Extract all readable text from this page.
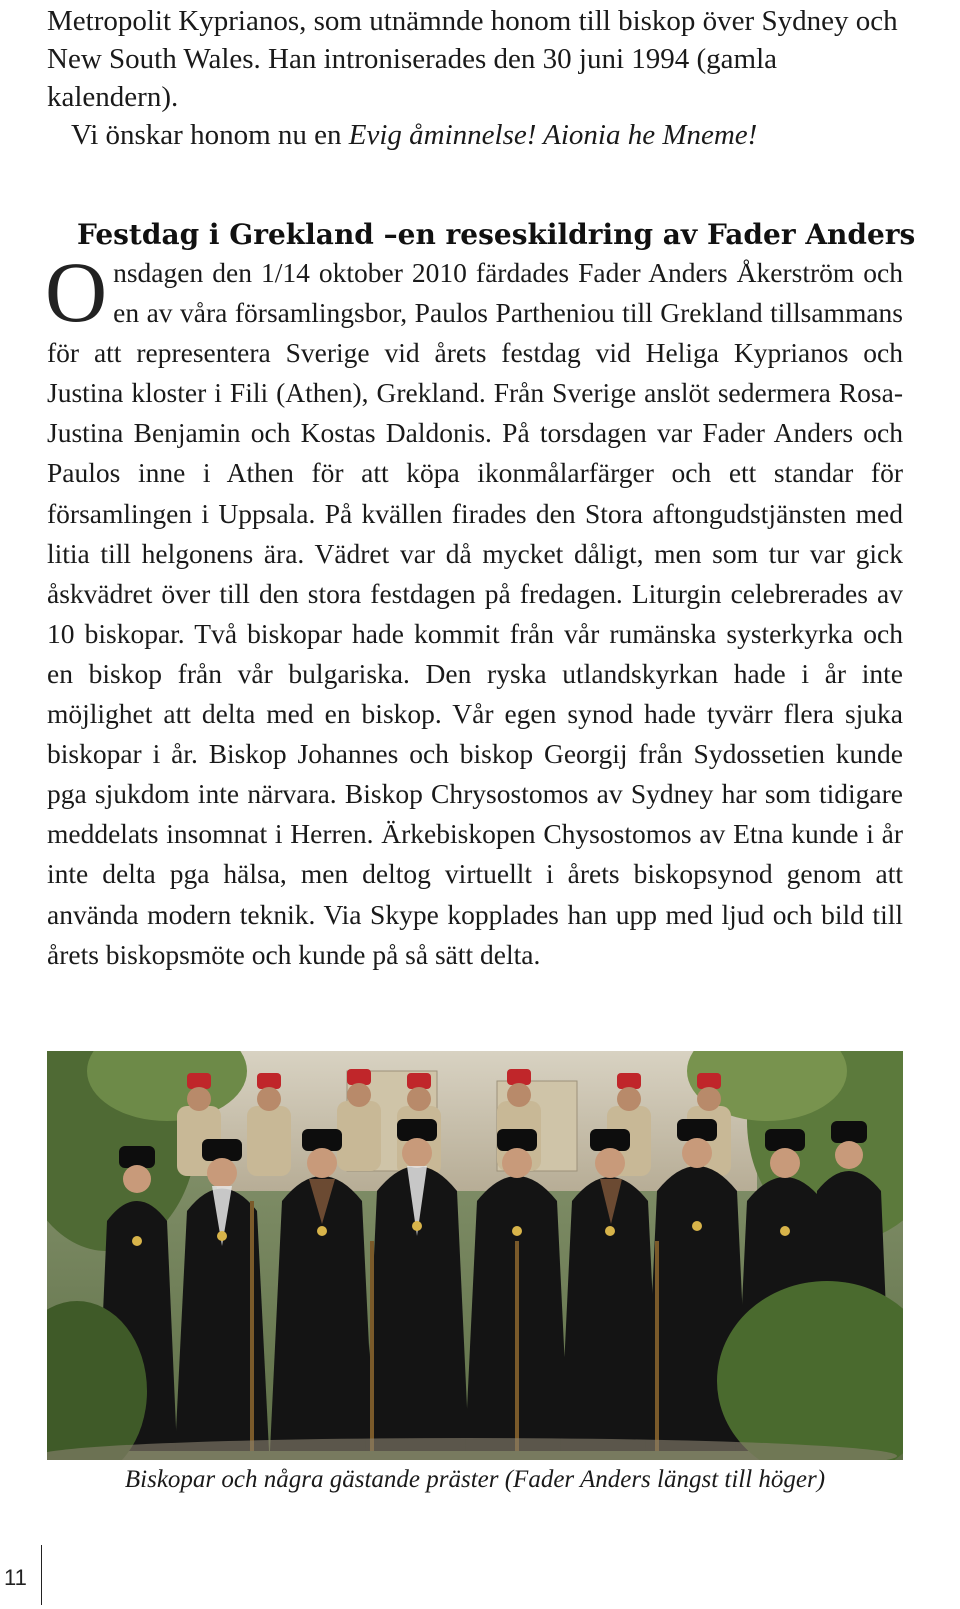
Metropolit Kyprianos, som utnämnde honom till biskop över Sydney och New South Wales. Han introniserades den 30 juni 1994 (gamla kalendern).

Vi önskar honom nu en Evig åminnelse! Aionia he Mneme!

Festdag i Grekland –en reseskildring av Fader Anders

Onsdagen den 1/14 oktober 2010 färdades Fader Anders Åkerström och en av våra församlingsbor, Paulos Partheniou till Grekland tillsammans för att representera Sverige vid årets festdag vid Heliga Kyprianos och Justina kloster i Fili (Athen), Grekland. Från Sverige anslöt sedermera Rosa-Justina Benjamin och Kostas Daldonis. På torsdagen var Fader Anders och Paulos inne i Athen för att köpa ikonmålarfärger och ett standar för församlingen i Uppsala. På kvällen firades den Stora aftongudstjänsten med litia till helgonens ära. Vädret var då mycket dåligt, men som tur var gick åskvädret över till den stora festdagen på fredagen. Liturgin celebrerades av 10 biskopar. Två biskopar hade kommit från vår rumänska systerkyrka och en biskop från vår bulgariska. Den ryska utlandskyrkan hade i år inte möjlighet att delta med en biskop. Vår egen synod hade tyvärr flera sjuka biskopar i år. Biskop Johannes och biskop Georgij från Sydossetien kunde pga sjukdom inte närvara. Biskop Chrysostomos av Sydney har som tidigare meddelats insomnat i Herren. Ärkebiskopen Chysostomos av Etna kunde i år inte delta pga hälsa, men deltog virtuellt i årets biskopsynod genom att använda modern teknik. Via Skype kopplades han upp med ljud och bild till årets biskopsmöte och kunde på så sätt delta.

Biskopar och några gästande präster (Fader Anders längst till höger)
11
